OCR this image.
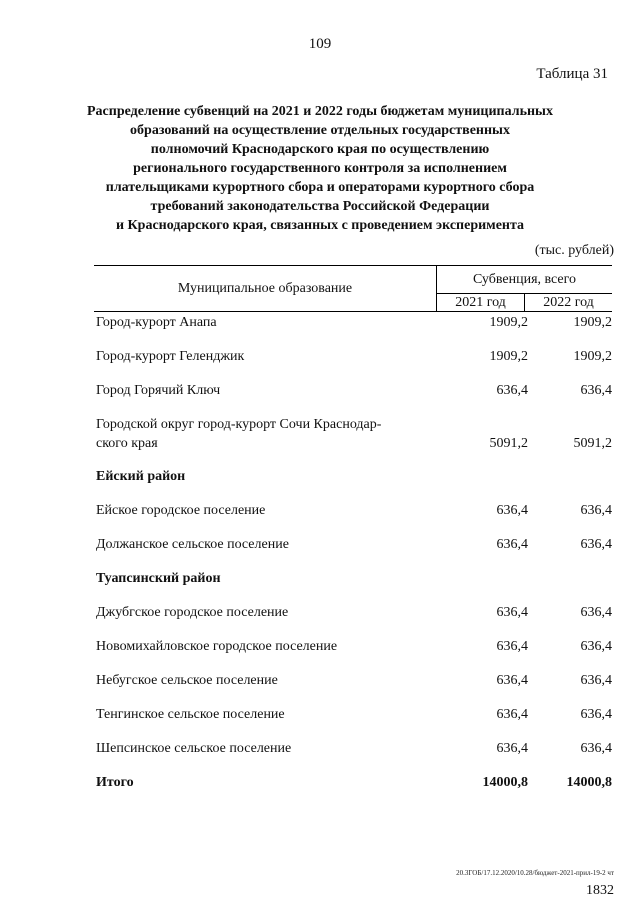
109
Таблица 31
Распределение субвенций на 2021 и 2022 годы бюджетам муниципальных
образований на осуществление отдельных государственных
полномочий Краснодарского края по осуществлению
регионального государственного контроля за исполнением
плательщиками курортного сбора и операторами курортного сбора
требований законодательства Российской Федерации
и Краснодарского края, связанных с проведением эксперимента
(тыс. рублей)
Муниципальное образование
Субвенция, всего
2021 год	2022 год
Город-курорт Анапа	1909,2	1909,2
Город-курорт Геленджик	1909,2	1909,2
Город Горячий Ключ	636,4	636,4
Городской округ город-курорт Сочи Краснодар-
ского края	5091,2	5091,2
Ейский район
Ейское городское поселение	636,4	636,4
Должанское сельское поселение	636,4	636,4
Туапсинский район
Джубгское городское поселение	636,4	636,4
Новомихайловское городское поселение	636,4	636,4
Небугское сельское поселение	636,4	636,4
Тенгинское сельское поселение	636,4	636,4
Шепсинское сельское поселение	636,4	636,4
Итого	14000,8	14000,8
20.3ГОБ/17.12.2020/10.28/бюджет-2021-прил-19-2 чт
1832
